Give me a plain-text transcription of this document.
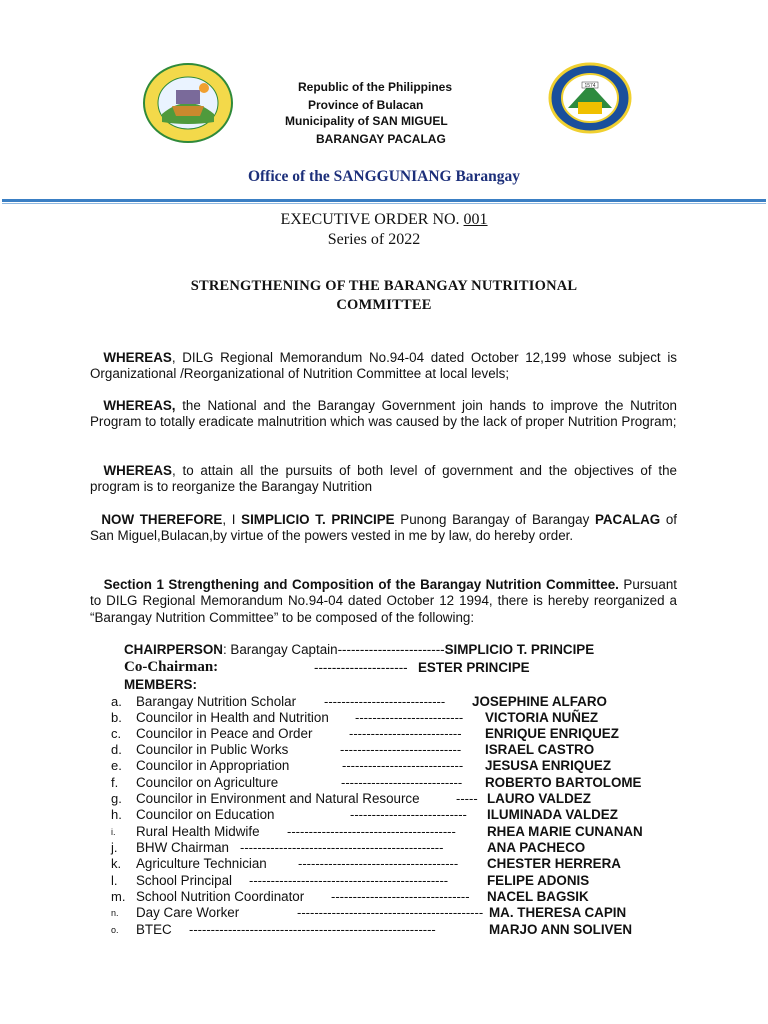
1574
Republic of the Philippines
Province of Bulacan
Municipality of SAN MIGUEL
BARANGAY PACALAG
Office of the SANGGUNIANG Barangay
EXECUTIVE ORDER NO. 001
Series of 2022
STRENGTHENING OF THE BARANGAY NUTRITIONAL
COMMITTEE
WHEREAS, DILG Regional Memorandum No.94-04 dated October 12,199 whose subject is Organizational /Reorganizational of Nutrition Committee at local levels;
WHEREAS, the National and the Barangay Government join hands to improve the Nutriton Program to totally eradicate malnutrition which was caused by the lack of proper Nutrition Program;
WHEREAS, to attain all the pursuits of both level of government and the objectives of the program is to reorganize the Barangay Nutrition
NOW THEREFORE, I SIMPLICIO T. PRINCIPE Punong Barangay of Barangay PACALAG of San Miguel,Bulacan,by virtue of the powers vested in me by law, do hereby order.
Section 1 Strengthening and Composition of the Barangay Nutrition Committee. Pursuant to DILG Regional Memorandum No.94-04 dated October 12 1994, there is hereby reorganized a “Barangay Nutrition Committee” to be composed of the following:
CHAIRPERSON: Barangay Captain------------------------SIMPLICIO T. PRINCIPE
Co-Chairman:	--------------------- ESTER PRINCIPE
MEMBERS:
a.	Barangay Nutrition Scholar ----------------------------	JOSEPHINE ALFARO
b.	Councilor in Health and Nutrition -------------------------	VICTORIA NUÑEZ
c.	Councilor in Peace and Order	--------------------------	ENRIQUE ENRIQUEZ
d.	Councilor in Public Works	----------------------------	ISRAEL CASTRO
e.	Councilor in Appropriation	----------------------------	JESUSA ENRIQUEZ
f.	Councilor on Agriculture	----------------------------	ROBERTO BARTOLOME
g.	Councilor in Environment and Natural Resource	----- LAURO VALDEZ
h.	Councilor on Education	---------------------------	ILUMINADA VALDEZ
i.	Rural Health Midwife ---------------------------------------	RHEA MARIE CUNANAN
j.	BHW Chairman -----------------------------------------------	ANA PACHECO
k.	Agriculture Technician -------------------------------------	CHESTER HERRERA
l.	School Principal ----------------------------------------------	FELIPE ADONIS
m. School Nutrition Coordinator --------------------------------	NACEL BAGSIK
n.	Day Care Worker	------------------------------------------- MA. THERESA CAPIN
o.	BTEC ---------------------------------------------------------	MARJO ANN SOLIVEN
